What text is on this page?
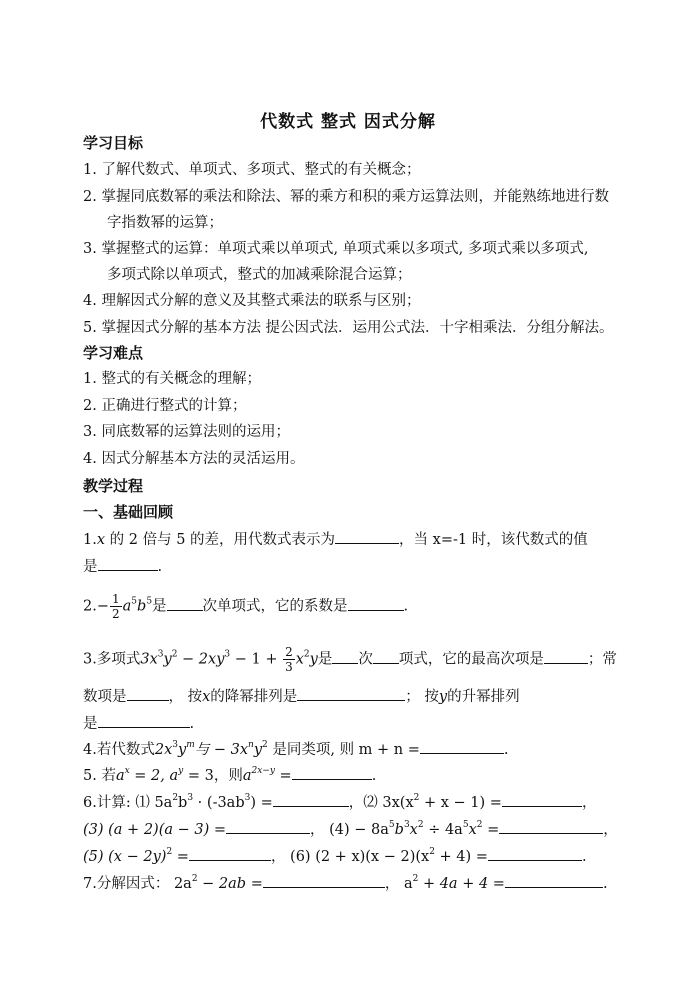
代数式 整式 因式分解
学习目标
1. 了解代数式、单项式、多项式、整式的有关概念；
2. 掌握同底数幂的乘法和除法、幂的乘方和积的乘方运算法则，并能熟练地进行数
字指数幂的运算；
3. 掌握整式的运算：单项式乘以单项式, 单项式乘以多项式, 多项式乘以多项式,
多项式除以单项式，整式的加减乘除混合运算；
4. 理解因式分解的意义及其整式乘法的联系与区别；
5. 掌握因式分解的基本方法 提公因式法．运用公式法．十字相乘法．分组分解法。
学习难点
1. 整式的有关概念的理解；
2. 正确进行整式的计算；
3. 同底数幂的运算法则的运用；
4. 因式分解基本方法的灵活运用。
教学过程
一、基础回顾
1.x 的 2 倍与 5 的差，用代数式表示为	，当 x=-1 时，该代数式的值
是	.
$2.- \frac{1}{2} a^5b^5$是 次单项式，它的系数是	.
3.多项式$3x^3y^2 - 2xy^3 - 1 + \frac{2}{3} x^2y$是 次 项式，它的最高次项是	；常
数项是	， 按x的降幂排列是	； 按y的升幂排列
是	.
4.若代数式$2x^3y^m$与 − $3x^ny^2$ 是同类项, 则 m + n =	.
5. 若$a^x = 2$, $a^y = 3$，则$a^{2x-y}$ =	.
6.计算: ⑴ $5a^2b^3 \cdot (-3ab^3)$ =	，⑵ $3x(x^2 + x - 1)$ =	，
(3) (a + 2)(a − 3) =	， $(4) - 8a^5b^3x^2 \div 4a^5x^2$ =	，
(5) $(x - 2y)^2$ =	， (6) $(2 + x)(x - 2)(x^2 + 4)$ =	.
7.分解因式： $2a^2 - 2ab$ =	， $a^2 + 4a + 4$ =	.
